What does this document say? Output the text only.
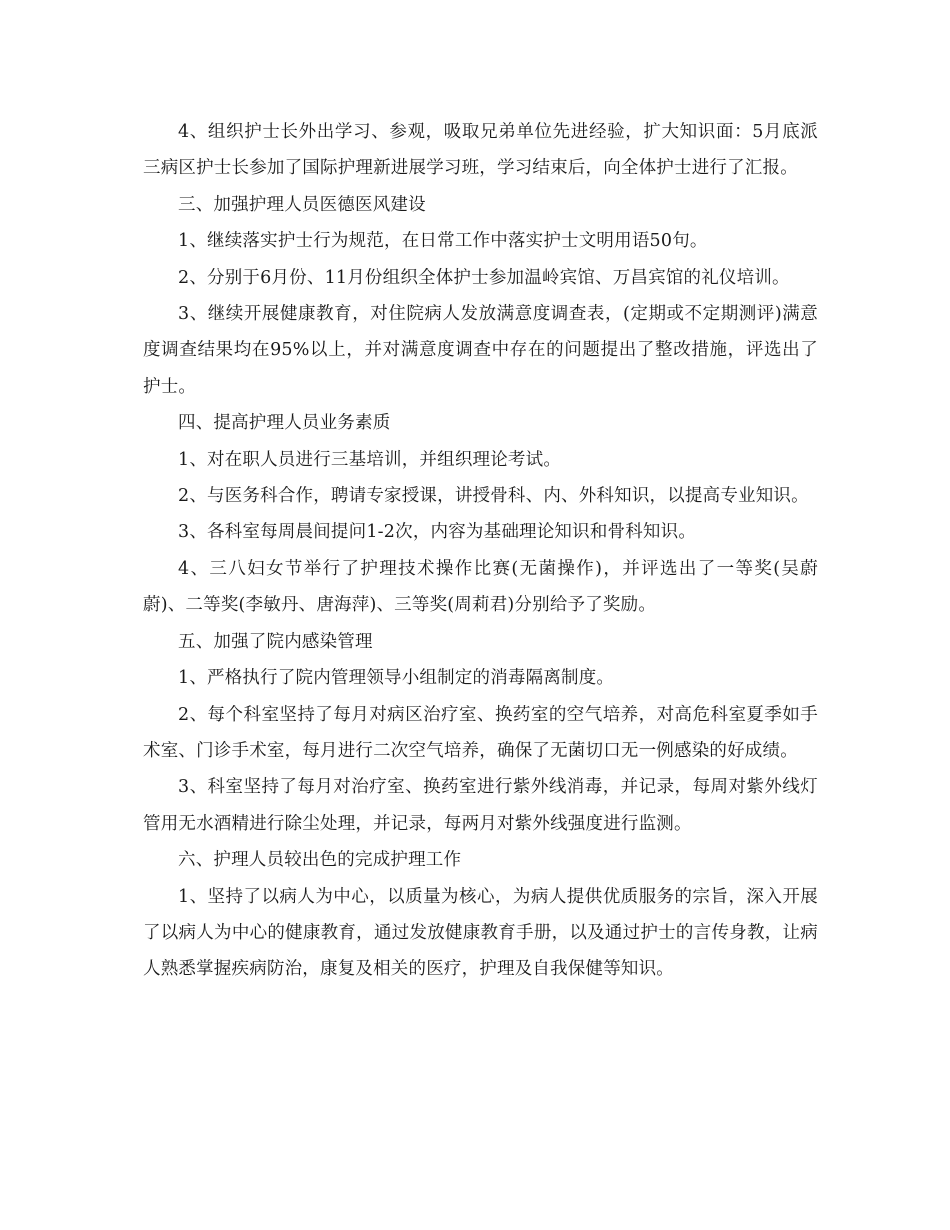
4、组织护士长外出学习、参观，吸取兄弟单位先进经验，扩大知识面：5月底派三病区护士长参加了国际护理新进展学习班，学习结束后，向全体护士进行了汇报。

三、加强护理人员医德医风建设

1、继续落实护士行为规范，在日常工作中落实护士文明用语50句。

2、分别于6月份、11月份组织全体护士参加温岭宾馆、万昌宾馆的礼仪培训。

3、继续开展健康教育，对住院病人发放满意度调查表，(定期或不定期测评)满意度调查结果均在95%以上，并对满意度调查中存在的问题提出了整改措施，评选出了护士。

四、提高护理人员业务素质

1、对在职人员进行三基培训，并组织理论考试。

2、与医务科合作，聘请专家授课，讲授骨科、内、外科知识，以提高专业知识。

3、各科室每周晨间提问1-2次，内容为基础理论知识和骨科知识。

4、三八妇女节举行了护理技术操作比赛(无菌操作)，并评选出了一等奖(吴蔚蔚)、二等奖(李敏丹、唐海萍)、三等奖(周莉君)分别给予了奖励。

五、加强了院内感染管理

1、严格执行了院内管理领导小组制定的消毒隔离制度。

2、每个科室坚持了每月对病区治疗室、换药室的空气培养，对高危科室夏季如手术室、门诊手术室，每月进行二次空气培养，确保了无菌切口无一例感染的好成绩。

3、科室坚持了每月对治疗室、换药室进行紫外线消毒，并记录，每周对紫外线灯管用无水酒精进行除尘处理，并记录，每两月对紫外线强度进行监测。

六、护理人员较出色的完成护理工作

1、坚持了以病人为中心，以质量为核心，为病人提供优质服务的宗旨，深入开展了以病人为中心的健康教育，通过发放健康教育手册，以及通过护士的言传身教，让病人熟悉掌握疾病防治，康复及相关的医疗，护理及自我保健等知识。
